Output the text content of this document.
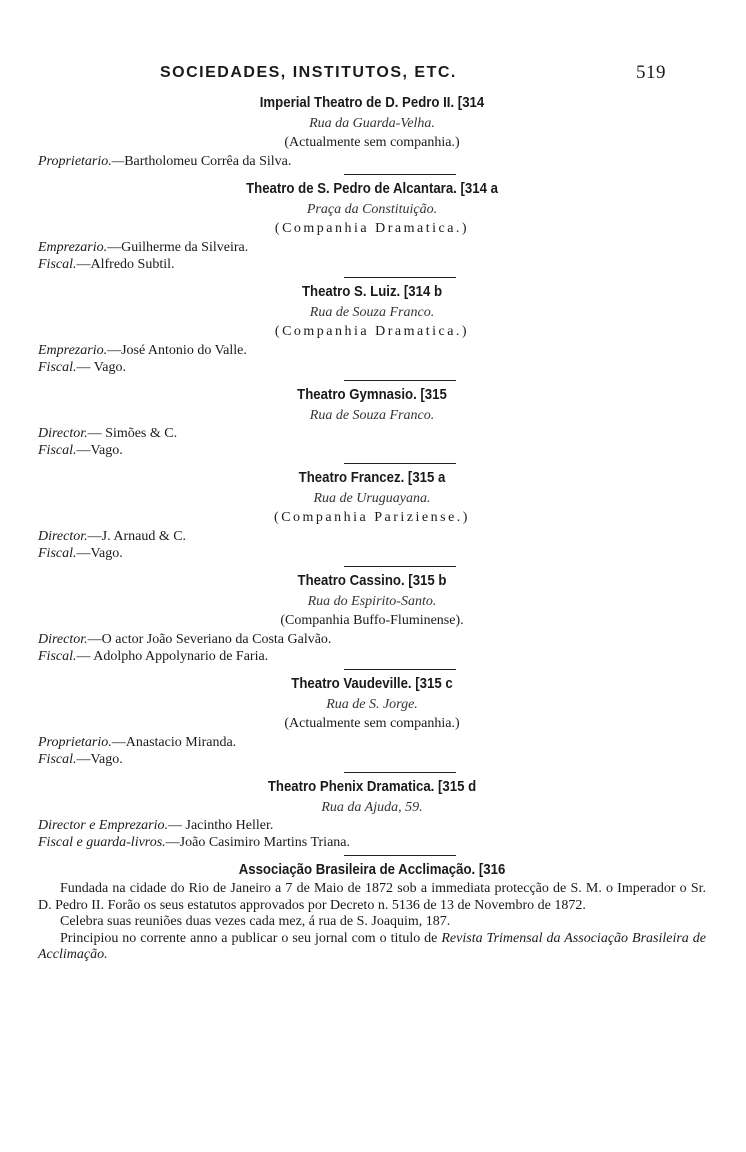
SOCIEDADES, INSTITUTOS, ETC.	519
Imperial Theatro de D. Pedro II. [314
Rua da Guarda-Velha.
(Actualmente sem companhia.)
Proprietario.—Bartholomeu Corrêa da Silva.
Theatro de S. Pedro de Alcantara. [314 a
Praça da Constituição.
(Companhia Dramatica.)
Emprezario.—Guilherme da Silveira.
Fiscal.—Alfredo Subtil.
Theatro S. Luiz. [314 b
Rua de Souza Franco.
(Companhia Dramatica.)
Emprezario.—José Antonio do Valle.
Fiscal.— Vago.
Theatro Gymnasio. [315
Rua de Souza Franco.
Director.— Simões & C.
Fiscal.—Vago.
Theatro Francez. [315 a
Rua de Uruguayana.
(Companhia Pariziense.)
Director.—J. Arnaud & C.
Fiscal.—Vago.
Theatro Cassino. [315 b
Rua do Espirito-Santo.
(Companhia Buffo-Fluminense).
Director.—O actor João Severiano da Costa Galvão.
Fiscal.— Adolpho Appolynario de Faria.
Theatro Vaudeville. [315 c
Rua de S. Jorge.
(Actualmente sem companhia.)
Proprietario.—Anastacio Miranda.
Fiscal.—Vago.
Theatro Phenix Dramatica. [315 d
Rua da Ajuda, 59.
Director e Emprezario.— Jacintho Heller.
Fiscal e guarda-livros.—João Casimiro Martins Triana.
Associação Brasileira de Acclimação. [316
Fundada na cidade do Rio de Janeiro a 7 de Maio de 1872 sob a immediata protecção de S. M. o Imperador o Sr. D. Pedro II. Forão os seus estatutos approvados por Decreto n. 5136 de 13 de Novembro de 1872.
Celebra suas reuniões duas vezes cada mez, á rua de S. Joaquim, 187.
Principiou no corrente anno a publicar o seu jornal com o titulo de Revista Trimensal da Associação Brasileira de Acclimação.
